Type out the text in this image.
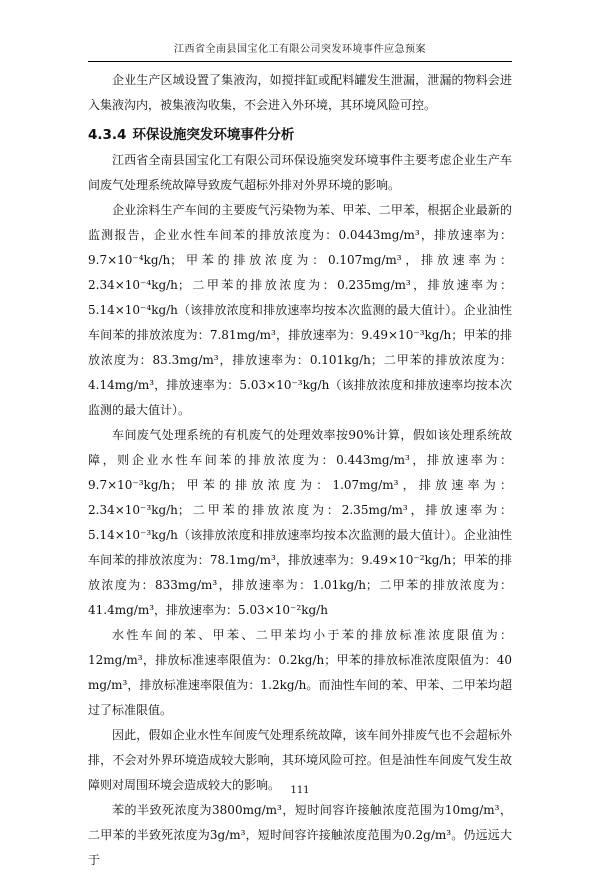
江西省全南县国宝化工有限公司突发环境事件应急预案

企业生产区域设置了集液沟，如搅拌缸或配料罐发生泄漏，泄漏的物料会进入集液沟内，被集液沟收集，不会进入外环境，其环境风险可控。

4.3.4 环保设施突发环境事件分析

江西省全南县国宝化工有限公司环保设施突发环境事件主要考虑企业生产车间废气处理系统故障导致废气超标外排对外界环境的影响。

企业涂料生产车间的主要废气污染物为苯、甲苯、二甲苯，根据企业最新的监测报告，企业水性车间苯的排放浓度为：0.0443mg/m³，排放速率为：9.7×10⁻⁴kg/h；甲苯的排放浓度为：0.107mg/m³，排放速率为：2.34×10⁻⁴kg/h；二甲苯的排放浓度为：0.235mg/m³，排放速率为：5.14×10⁻⁴kg/h（该排放浓度和排放速率均按本次监测的最大值计）。企业油性车间苯的排放浓度为：7.81mg/m³，排放速率为：9.49×10⁻³kg/h；甲苯的排放浓度为：83.3mg/m³，排放速率为：0.101kg/h；二甲苯的排放浓度为：4.14mg/m³，排放速率为：5.03×10⁻³kg/h（该排放浓度和排放速率均按本次监测的最大值计）。

车间废气处理系统的有机废气的处理效率按90%计算，假如该处理系统故障，则企业水性车间苯的排放浓度为：0.443mg/m³，排放速率为：9.7×10⁻³kg/h；甲苯的排放浓度为：1.07mg/m³，排放速率为：2.34×10⁻³kg/h；二甲苯的排放浓度为：2.35mg/m³，排放速率为：5.14×10⁻³kg/h（该排放浓度和排放速率均按本次监测的最大值计）。企业油性车间苯的排放浓度为：78.1mg/m³，排放速率为：9.49×10⁻²kg/h；甲苯的排放浓度为：833mg/m³，排放速率为：1.01kg/h；二甲苯的排放浓度为：41.4mg/m³，排放速率为：5.03×10⁻²kg/h

水性车间的苯、甲苯、二甲苯均小于苯的排放标准浓度限值为：12mg/m³，排放标准速率限值为：0.2kg/h；甲苯的排放标准浓度限值为：40 mg/m³，排放标准速率限值为：1.2kg/h。而油性车间的苯、甲苯、二甲苯均超过了标准限值。

因此，假如企业水性车间废气处理系统故障，该车间外排废气也不会超标外排，不会对外界环境造成较大影响，其环境风险可控。但是油性车间废气发生故障则对周围环境会造成较大的影响。

苯的半致死浓度为3800mg/m³，短时间容许接触浓度范围为10mg/m³，二甲苯的半致死浓度为3g/m³，短时间容许接触浓度范围为0.2g/m³。仍远远大于

111
